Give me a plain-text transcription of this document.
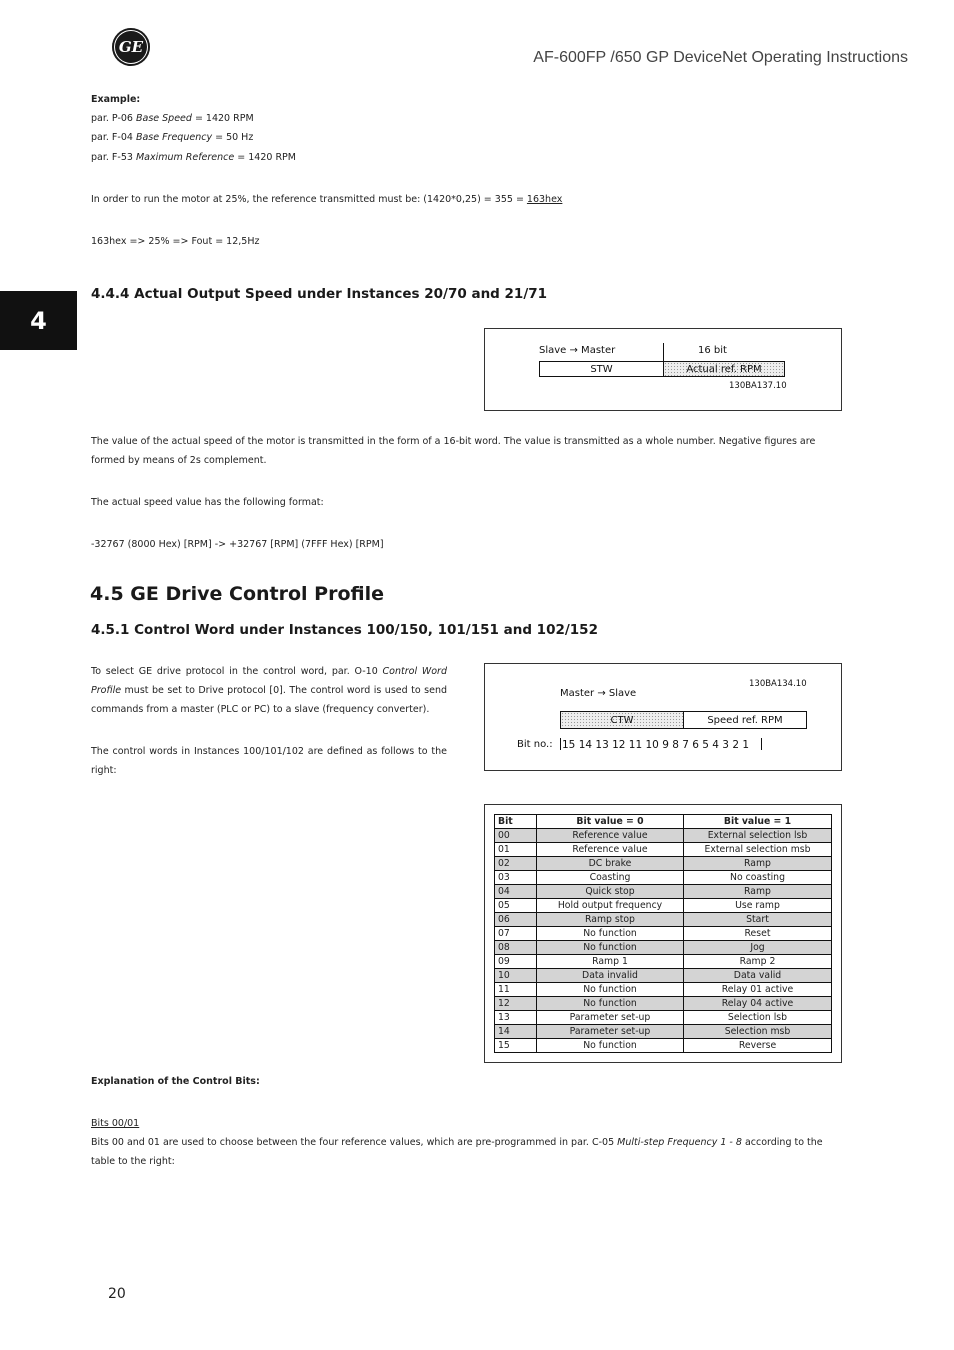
GE
AF-600FP /650 GP DeviceNet Operating Instructions
4
Example:
par. P-06 Base Speed = 1420 RPM
par. F-04 Base Frequency = 50 Hz
par. F-53 Maximum Reference = 1420 RPM
In order to run the motor at 25%, the reference transmitted must be: (1420*0,25) = 355 = 163hex
163hex => 25% => Fout = 12,5Hz
4.4.4 Actual Output Speed under Instances 20/70 and 21/71
Slave → Master	16 bit
STW	Actual ref. RPM
130BA137.10
The value of the actual speed of the motor is transmitted in the form of a 16-bit word. The value is transmitted as a whole number. Negative figures are formed by means of 2s complement.
The actual speed value has the following format:
-32767 (8000 Hex) [RPM] -> +32767 [RPM] (7FFF Hex) [RPM]
4.5 GE Drive Control Profile
4.5.1 Control Word under Instances 100/150, 101/151 and 102/152
To select GE drive protocol in the control word, par. O-10 Control Word Profile must be set to Drive protocol [0]. The control word is used to send commands from a master (PLC or PC) to a slave (frequency converter).
The control words in Instances 100/101/102 are defined as follows to the right:
130BA134.10
Master → Slave
CTW	Speed ref. RPM
Bit no.: 15 14 13 12 11 10 9 8 7 6 5 4 3 2 1
Bit	Bit value = 0	Bit value = 1
00	Reference value	External selection lsb
01	Reference value	External selection msb
02	DC brake	Ramp
03	Coasting	No coasting
04	Quick stop	Ramp
05	Hold output frequency	Use ramp
06	Ramp stop	Start
07	No function	Reset
08	No function	Jog
09	Ramp 1	Ramp 2
10	Data invalid	Data valid
11	No function	Relay 01 active
12	No function	Relay 04 active
13	Parameter set-up	Selection lsb
14	Parameter set-up	Selection msb
15	No function	Reverse
Explanation of the Control Bits:
Bits 00/01
Bits 00 and 01 are used to choose between the four reference values, which are pre-programmed in par. C-05 Multi-step Frequency 1 - 8 according to the table to the right:
20
